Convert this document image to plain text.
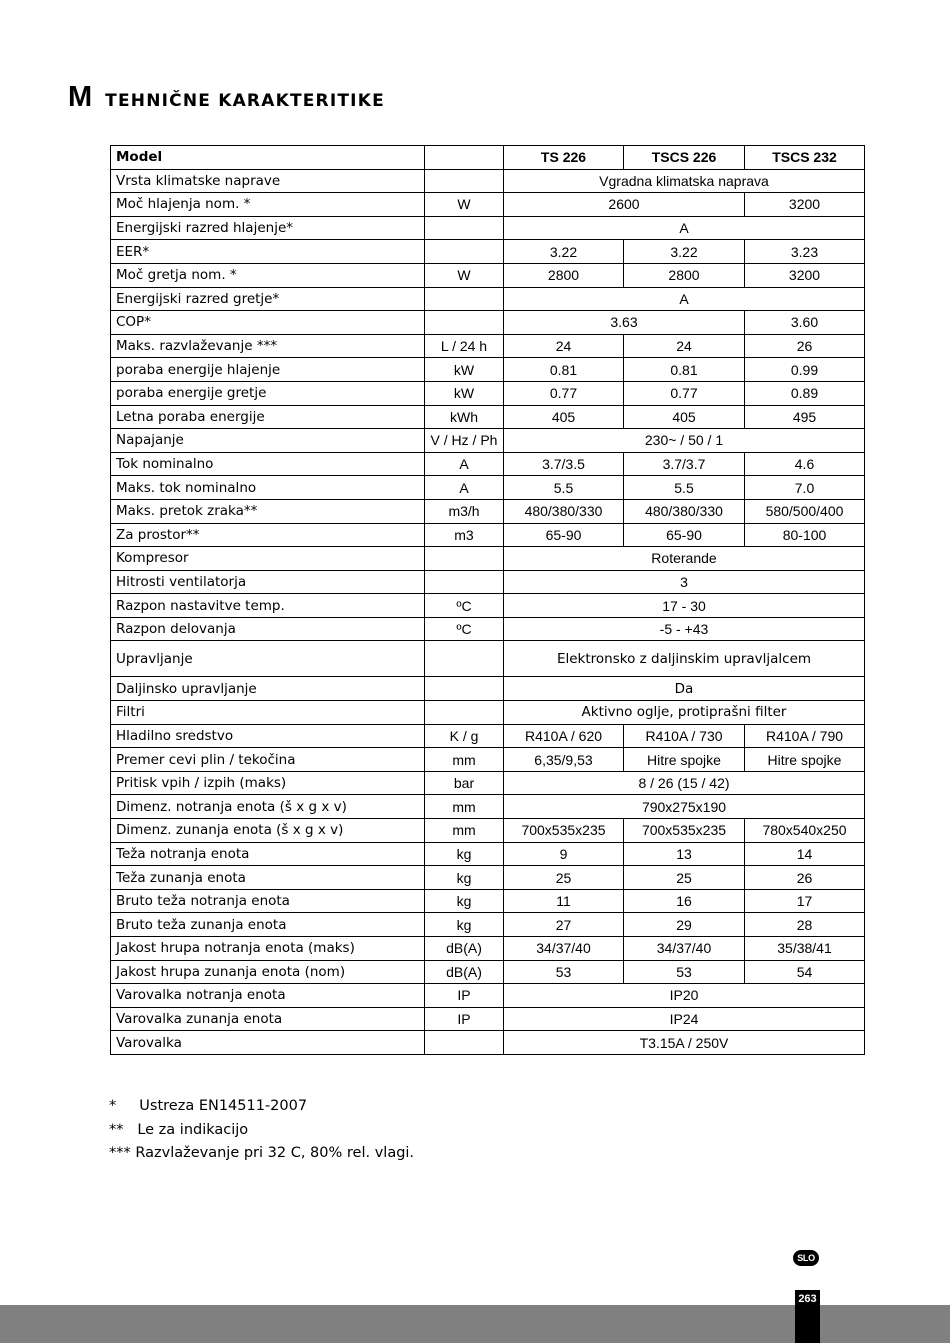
M TEHNIČNE KARAKTERITIKE
Model		TS 226	TSCS 226	TSCS 232
Vrsta klimatske naprave		Vgradna klimatska naprava		
Moč hlajenja nom. *	W	2600		3200
Energijski razred hlajenje*		A		
EER*		3.22	3.22	3.23
Moč gretja nom. *	W	2800	2800	3200
Energijski razred gretje*		A		
COP*		3.63		3.60
Maks. razvlaževanje ***	L / 24 h	24	24	26
poraba energije hlajenje	kW	0.81	0.81	0.99
poraba energije gretje	kW	0.77	0.77	0.89
Letna poraba energije	kWh	405	405	495
Napajanje	V / Hz / Ph	230~ / 50 / 1		
Tok nominalno	A	3.7/3.5	3.7/3.7	4.6
Maks. tok nominalno	A	5.5	5.5	7.0
Maks. pretok zraka**	m3/h	480/380/330	480/380/330	580/500/400
Za prostor**	m3	65-90	65-90	80-100
Kompresor		Roterande		
Hitrosti ventilatorja		3		
Razpon nastavitve temp.	ºC	17 - 30		
Razpon delovanja	ºC	-5 - +43		
Upravljanje		Elektronsko z daljinskim upravljalcem		
Daljinsko upravljanje		Da		
Filtri		Aktivno oglje, protiprašni filter		
Hladilno sredstvo	K / g	R410A / 620	R410A / 730	R410A / 790
Premer cevi plin / tekočina	mm	6,35/9,53	Hitre spojke	Hitre spojke
Pritisk vpih / izpih (maks)	bar	8 / 26 (15 / 42)		
Dimenz. notranja enota (š x g x v)	mm	790x275x190		
Dimenz. zunanja enota (š x g x v)	mm	700x535x235	700x535x235	780x540x250
Teža notranja enota	kg	9	13	14
Teža zunanja enota	kg	25	25	26
Bruto teža notranja enota	kg	11	16	17
Bruto teža zunanja enota	kg	27	29	28
Jakost hrupa notranja enota (maks)	dB(A)	34/37/40	34/37/40	35/38/41
Jakost hrupa zunanja enota (nom)	dB(A)	53	53	54
Varovalka notranja enota	IP	IP20		
Varovalka zunanja enota	IP	IP24		
Varovalka		T3.15A / 250V		
*     Ustreza EN14511-2007
**   Le za indikacijo
*** Razvlaževanje pri 32 C, 80% rel. vlagi.
SLO
263
